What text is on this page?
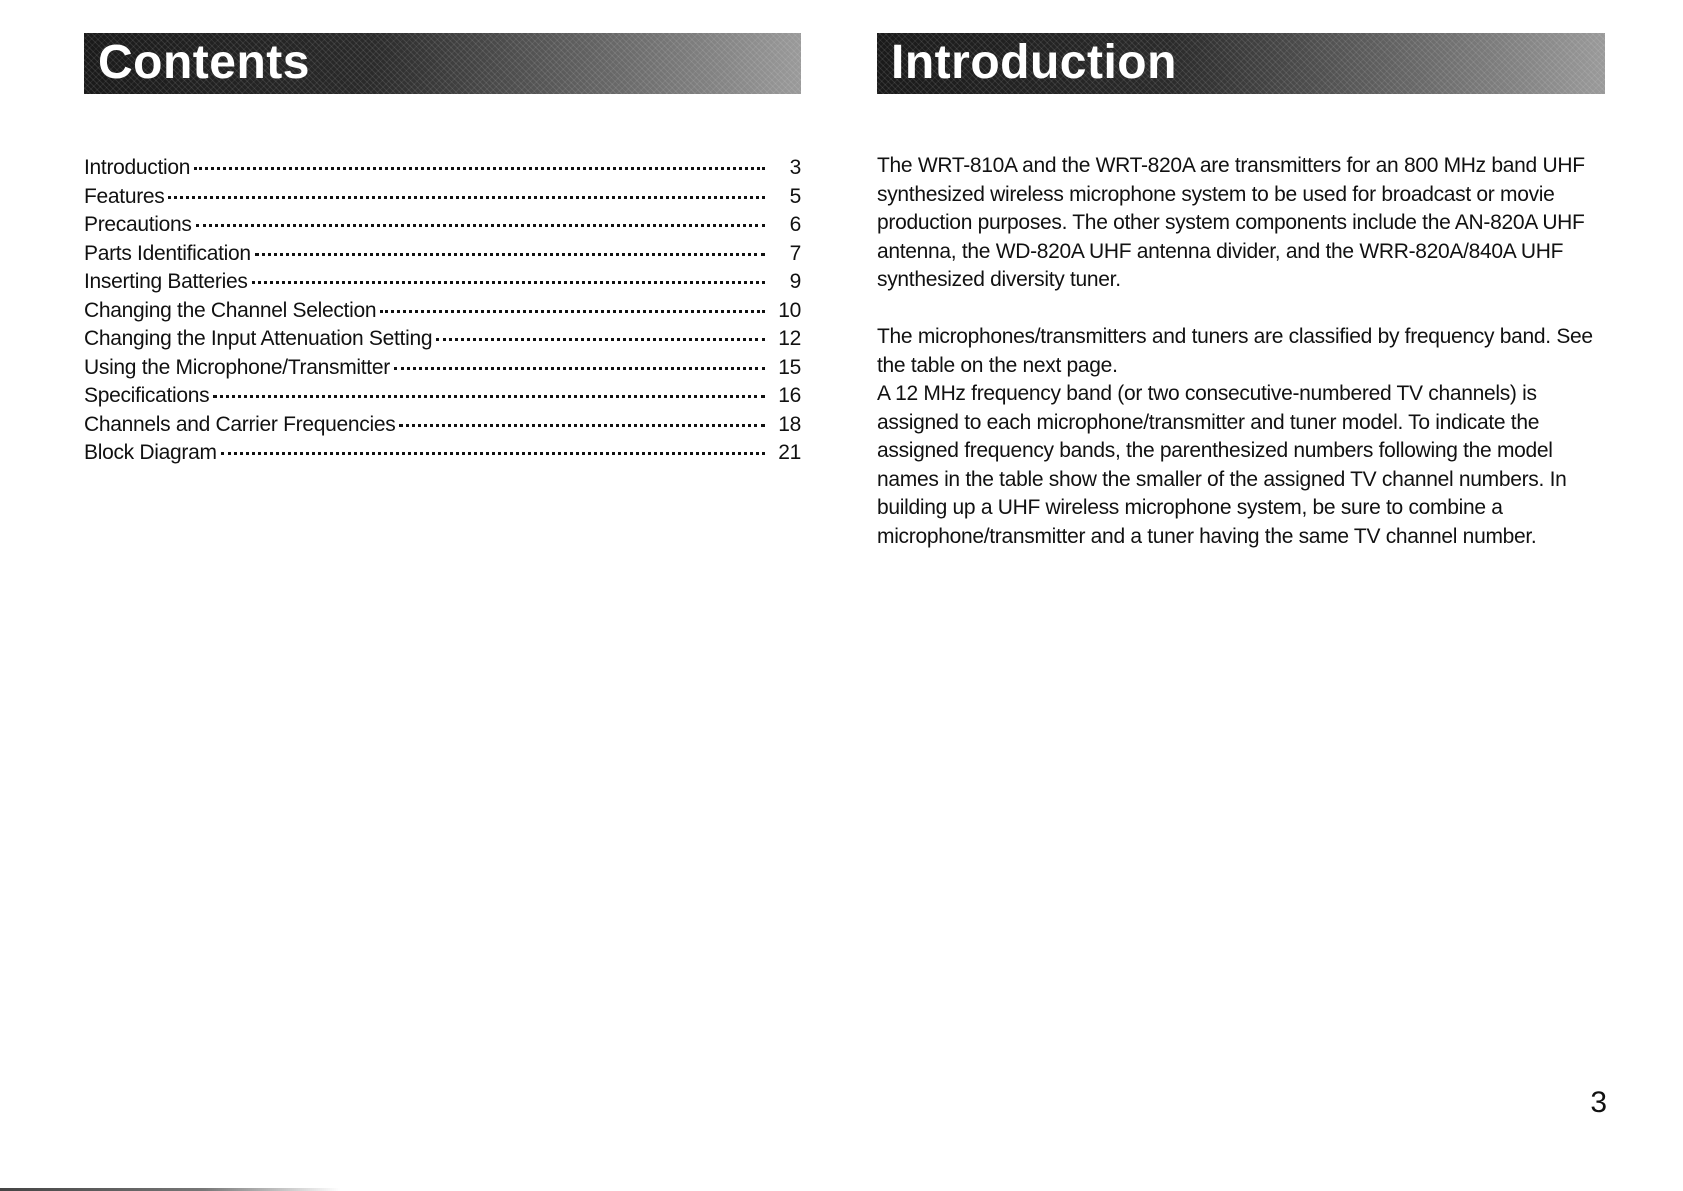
Contents
Introduction	3
Features	5
Precautions	6
Parts Identification	7
Inserting Batteries	9
Changing the Channel Selection	10
Changing the Input Attenuation Setting	12
Using the Microphone/Transmitter	15
Specifications	16
Channels and Carrier Frequencies	18
Block Diagram	21
Introduction

The WRT-810A and the WRT-820A are transmitters for an 800 MHz band UHF synthesized wireless microphone system to be used for broadcast or movie production purposes. The other system components include the AN-820A UHF antenna, the WD-820A UHF antenna divider, and the WRR-820A/840A UHF synthesized diversity tuner.

The microphones/transmitters and tuners are classified by frequency band. See the table on the next page.
A 12 MHz frequency band (or two consecutive-numbered TV channels) is assigned to each microphone/transmitter and tuner model. To indicate the assigned frequency bands, the parenthesized numbers following the model names in the table show the smaller of the assigned TV channel numbers. In building up a UHF wireless microphone system, be sure to combine a microphone/transmitter and a tuner having the same TV channel number.
3
